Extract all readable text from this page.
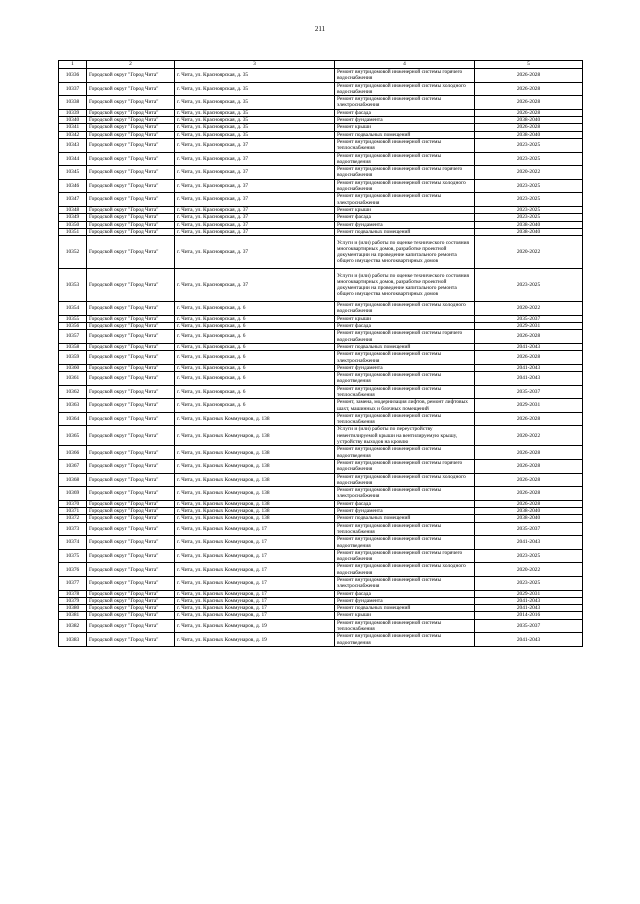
211
1	2	3	4	5
10336	Городской округ "Город Чита"	г. Чита, ул. Красноярская, д. 35	Ремонт внутридомовой инженерной системы горячего водоснабжения	2026-2028
10337	Городской округ "Город Чита"	г. Чита, ул. Красноярская, д. 35	Ремонт внутридомовой инженерной системы холодного водоснабжения	2026-2028
10338	Городской округ "Город Чита"	г. Чита, ул. Красноярская, д. 35	Ремонт внутридомовой инженерной системы электроснабжения	2026-2028
10339	Городской округ "Город Чита"	г. Чита, ул. Красноярская, д. 35	Ремонт фасада	2026-2028
10340	Городской округ "Город Чита"	г. Чита, ул. Красноярская, д. 35	Ремонт фундамента	2038-2040
10341	Городской округ "Город Чита"	г. Чита, ул. Красноярская, д. 35	Ремонт крыши	2026-2028
10342	Городской округ "Город Чита"	г. Чита, ул. Красноярская, д. 35	Ремонт подвальных помещений	2038-2040
10343	Городской округ "Город Чита"	г. Чита, ул. Красноярская, д. 37	Ремонт внутридомовой инженерной системы теплоснабжения	2023-2025
10344	Городской округ "Город Чита"	г. Чита, ул. Красноярская, д. 37	Ремонт внутридомовой инженерной системы водоотведения	2023-2025
10345	Городской округ "Город Чита"	г. Чита, ул. Красноярская, д. 37	Ремонт внутридомовой инженерной системы горячего водоснабжения	2020-2022
10346	Городской округ "Город Чита"	г. Чита, ул. Красноярская, д. 37	Ремонт внутридомовой инженерной системы холодного водоснабжения	2023-2025
10347	Городской округ "Город Чита"	г. Чита, ул. Красноярская, д. 37	Ремонт внутридомовой инженерной системы электроснабжения	2023-2025
10348	Городской округ "Город Чита"	г. Чита, ул. Красноярская, д. 37	Ремонт крыши	2023-2025
10349	Городской округ "Город Чита"	г. Чита, ул. Красноярская, д. 37	Ремонт фасада	2023-2025
10350	Городской округ "Город Чита"	г. Чита, ул. Красноярская, д. 37	Ремонт фундамента	2038-2040
10351	Городской округ "Город Чита"	г. Чита, ул. Красноярская, д. 37	Ремонт подвальных помещений	2038-2040
10352	Городской округ "Город Чита"	г. Чита, ул. Красноярская, д. 37	Услуги и (или) работы по оценке технического состояния многоквартирных домов, разработке проектной документации на проведение капитального ремонта общего имущества многоквартирных домов	2020-2022
10353	Городской округ "Город Чита"	г. Чита, ул. Красноярская, д. 37	Услуги и (или) работы по оценке технического состояния многоквартирных домов, разработке проектной документации на проведение капитального ремонта общего имущества многоквартирных домов	2023-2025
10354	Городской округ "Город Чита"	г. Чита, ул. Красноярская, д. 6	Ремонт внутридомовой инженерной системы холодного водоснабжения	2020-2022
10355	Городской округ "Город Чита"	г. Чита, ул. Красноярская, д. 6	Ремонт крыши	2035-2037
10356	Городской округ "Город Чита"	г. Чита, ул. Красноярская, д. 6	Ремонт фасада	2029-2031
10357	Городской округ "Город Чита"	г. Чита, ул. Красноярская, д. 6	Ремонт внутридомовой инженерной системы горячего водоснабжения	2026-2028
10358	Городской округ "Город Чита"	г. Чита, ул. Красноярская, д. 6	Ремонт подвальных помещений	2041-2043
10359	Городской округ "Город Чита"	г. Чита, ул. Красноярская, д. 6	Ремонт внутридомовой инженерной системы электроснабжения	2026-2028
10360	Городской округ "Город Чита"	г. Чита, ул. Красноярская, д. 6	Ремонт фундамента	2041-2043
10361	Городской округ "Город Чита"	г. Чита, ул. Красноярская, д. 6	Ремонт внутридомовой инженерной системы водоотведения	2041-2043
10362	Городской округ "Город Чита"	г. Чита, ул. Красноярская, д. 6	Ремонт внутридомовой инженерной системы теплоснабжения	2035-2037
10363	Городской округ "Город Чита"	г. Чита, ул. Красноярская, д. 6	Ремонт, замена, модернизация лифтов, ремонт лифтовых шахт, машинных и блочных помещений	2029-2031
10364	Городской округ "Город Чита"	г. Чита, ул. Красных Коммунаров, д. 138	Ремонт внутридомовой инженерной системы теплоснабжения	2026-2028
10365	Городской округ "Город Чита"	г. Чита, ул. Красных Коммунаров, д. 138	Услуги и (или) работы по переустройству невентилируемой крыши на вентилируемую крышу, устройству выходов на кровлю	2020-2022
10366	Городской округ "Город Чита"	г. Чита, ул. Красных Коммунаров, д. 138	Ремонт внутридомовой инженерной системы водоотведения	2026-2028
10367	Городской округ "Город Чита"	г. Чита, ул. Красных Коммунаров, д. 138	Ремонт внутридомовой инженерной системы горячего водоснабжения	2026-2028
10368	Городской округ "Город Чита"	г. Чита, ул. Красных Коммунаров, д. 138	Ремонт внутридомовой инженерной системы холодного водоснабжения	2026-2028
10369	Городской округ "Город Чита"	г. Чита, ул. Красных Коммунаров, д. 138	Ремонт внутридомовой инженерной системы электроснабжения	2026-2028
10370	Городской округ "Город Чита"	г. Чита, ул. Красных Коммунаров, д. 138	Ремонт фасада	2026-2028
10371	Городской округ "Город Чита"	г. Чита, ул. Красных Коммунаров, д. 138	Ремонт фундамента	2038-2040
10372	Городской округ "Город Чита"	г. Чита, ул. Красных Коммунаров, д. 138	Ремонт подвальных помещений	2038-2040
10373	Городской округ "Город Чита"	г. Чита, ул. Красных Коммунаров, д. 17	Ремонт внутридомовой инженерной системы теплоснабжения	2035-2037
10374	Городской округ "Город Чита"	г. Чита, ул. Красных Коммунаров, д. 17	Ремонт внутридомовой инженерной системы водоотведения	2041-2043
10375	Городской округ "Город Чита"	г. Чита, ул. Красных Коммунаров, д. 17	Ремонт внутридомовой инженерной системы горячего водоснабжения	2023-2025
10376	Городской округ "Город Чита"	г. Чита, ул. Красных Коммунаров, д. 17	Ремонт внутридомовой инженерной системы холодного водоснабжения	2020-2022
10377	Городской округ "Город Чита"	г. Чита, ул. Красных Коммунаров, д. 17	Ремонт внутридомовой инженерной системы электроснабжения	2023-2025
10378	Городской округ "Город Чита"	г. Чита, ул. Красных Коммунаров, д. 17	Ремонт фасада	2029-2031
10379	Городской округ "Город Чита"	г. Чита, ул. Красных Коммунаров, д. 17	Ремонт фундамента	2041-2043
10380	Городской округ "Город Чита"	г. Чита, ул. Красных Коммунаров, д. 17	Ремонт подвальных помещений	2041-2043
10381	Городской округ "Город Чита"	г. Чита, ул. Красных Коммунаров, д. 17	Ремонт крыши	2014-2016
10382	Городской округ "Город Чита"	г. Чита, ул. Красных Коммунаров, д. 19	Ремонт внутридомовой инженерной системы теплоснабжения	2035-2037
10383	Городской округ "Город Чита"	г. Чита, ул. Красных Коммунаров, д. 19	Ремонт внутридомовой инженерной системы водоотведения	2041-2043
